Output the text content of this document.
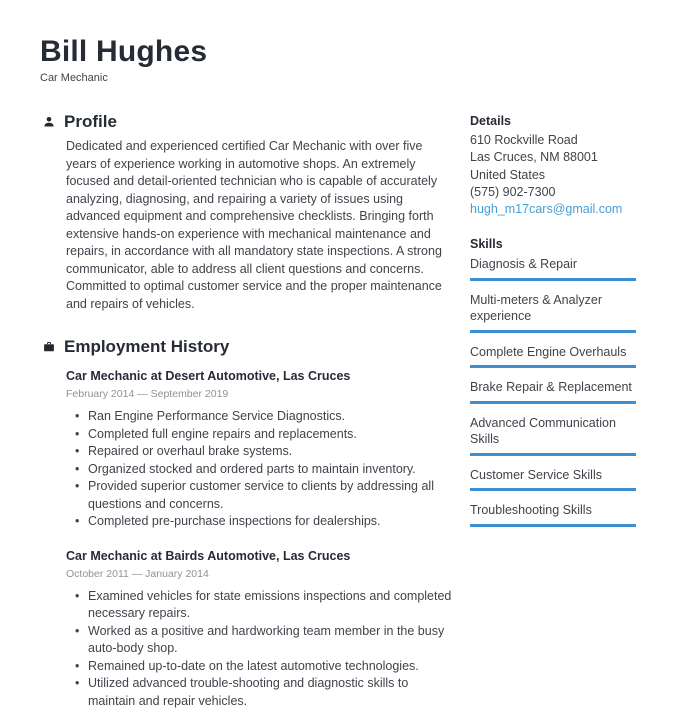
Bill Hughes
Car Mechanic
Profile

Dedicated and experienced certified Car Mechanic with over five years of experience working in automotive shops. An extremely focused and detail-oriented technician who is capable of accurately analyzing, diagnosing, and repairing a variety of issues using advanced equipment and comprehensive checklists. Bringing forth extensive hands-on experience with mechanical maintenance and repairs, in accordance with all mandatory state inspections. A strong communicator, able to address all client questions and concerns. Committed to optimal customer service and the proper maintenance and repairs of vehicles.

Employment History
Car Mechanic at Desert Automotive, Las Cruces
February 2014 — September 2019
• Ran Engine Performance Service Diagnostics.
• Completed full engine repairs and replacements.
• Repaired or overhaul brake systems.
• Organized stocked and ordered parts to maintain inventory.
• Provided superior customer service to clients by addressing all questions and concerns.
• Completed pre-purchase inspections for dealerships.
Car Mechanic at Bairds Automotive, Las Cruces
October 2011 — January 2014
• Examined vehicles for state emissions inspections and completed necessary repairs.
• Worked as a positive and hardworking team member in the busy auto-body shop.
• Remained up-to-date on the latest automotive technologies.
• Utilized advanced trouble-shooting and diagnostic skills to maintain and repair vehicles.
Details
610 Rockville Road
Las Cruces, NM 88001
United States
(575) 902-7300
hugh_m17cars@gmail.com
Skills
Diagnosis & Repair
Multi-meters & Analyzer experience
Complete Engine Overhauls
Brake Repair & Replacement
Advanced Communication Skills
Customer Service Skills
Troubleshooting Skills
